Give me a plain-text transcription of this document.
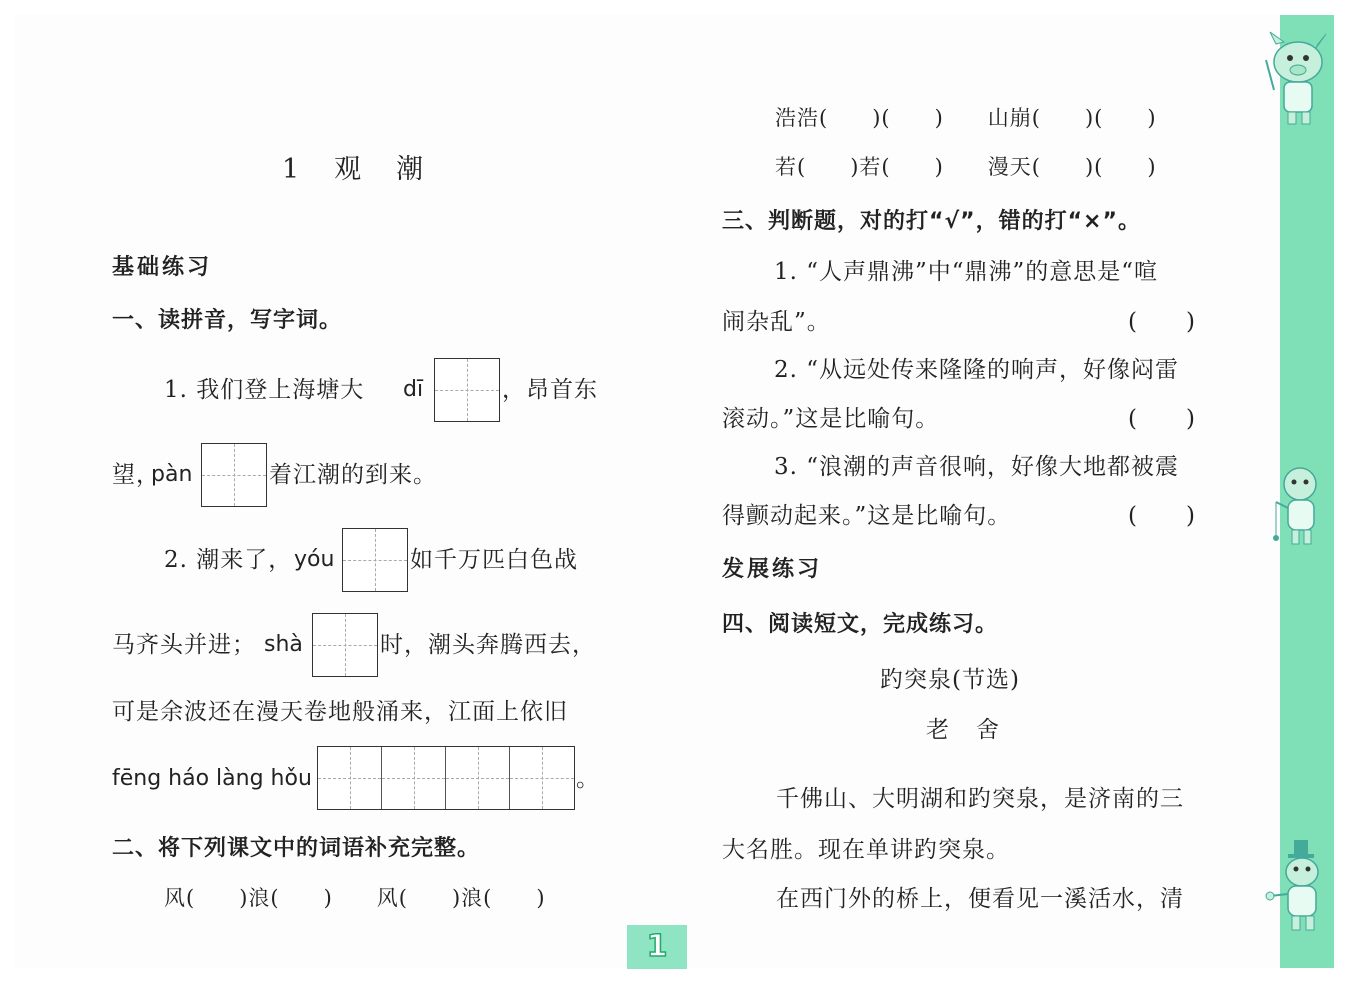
1　观　潮
基础练习
一、读拼音，写字词。
1. 我们登上海塘大 dī	，昂首东
望，
pàn	着江潮的到来。
2. 潮来了， yóu	如千万匹白色战
马齐头并进； shà	时，潮头奔腾西去，
可是余波还在漫天卷地般涌来，江面上依旧
fēng háo làng hǒu	。
二、将下列课文中的词语补充完整。
风(　　)浪(　　)　　风(　　)浪(　　)
浩浩(　　)(　　)　　山崩(　　)(　　)
若(　　)若(　　)　　漫天(　　)(　　)
三、判断题，对的打“√”，错的打“×”。
1. “人声鼎沸”中“鼎沸”的意思是“喧
闹杂乱”。	(　　)
2. “从远处传来隆隆的响声，好像闷雷
滚动。”这是比喻句。	(　　)
3. “浪潮的声音很响，好像大地都被震
得颤动起来。”这是比喻句。	(　　)
发展练习
四、阅读短文，完成练习。
趵突泉(节选)
老　舍
千佛山、大明湖和趵突泉，是济南的三
大名胜。现在单讲趵突泉。
在西门外的桥上，便看见一溪活水，清
1
